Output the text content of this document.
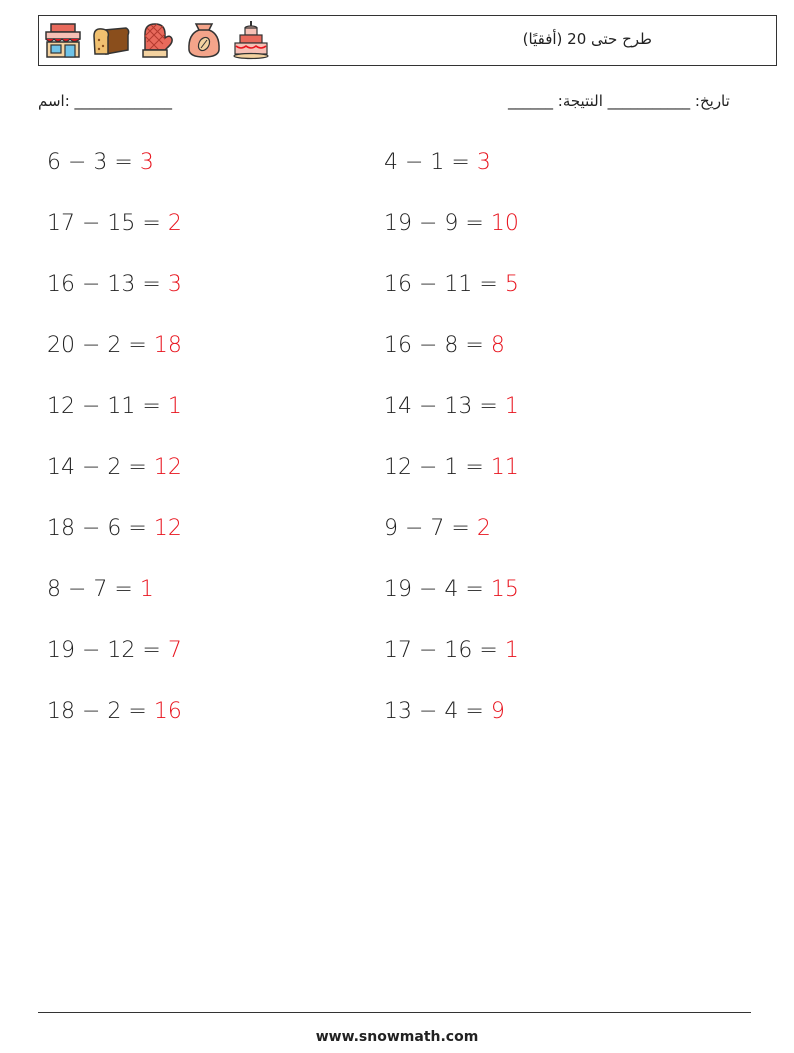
طرح حتى 20 (أفقيًا)
اسم: _____________	______ :تاريخ: ___________ النتيجة
6 − 3 = 3	4 − 1 = 3
17 − 15 = 2	19 − 9 = 10
16 − 13 = 3	16 − 11 = 5
20 − 2 = 18	16 − 8 = 8
12 − 11 = 1	14 − 13 = 1
14 − 2 = 12	12 − 1 = 11
18 − 6 = 12	9 − 7 = 2
8 − 7 = 1	19 − 4 = 15
19 − 12 = 7	17 − 16 = 1
18 − 2 = 16	13 − 4 = 9
www.snowmath.com
